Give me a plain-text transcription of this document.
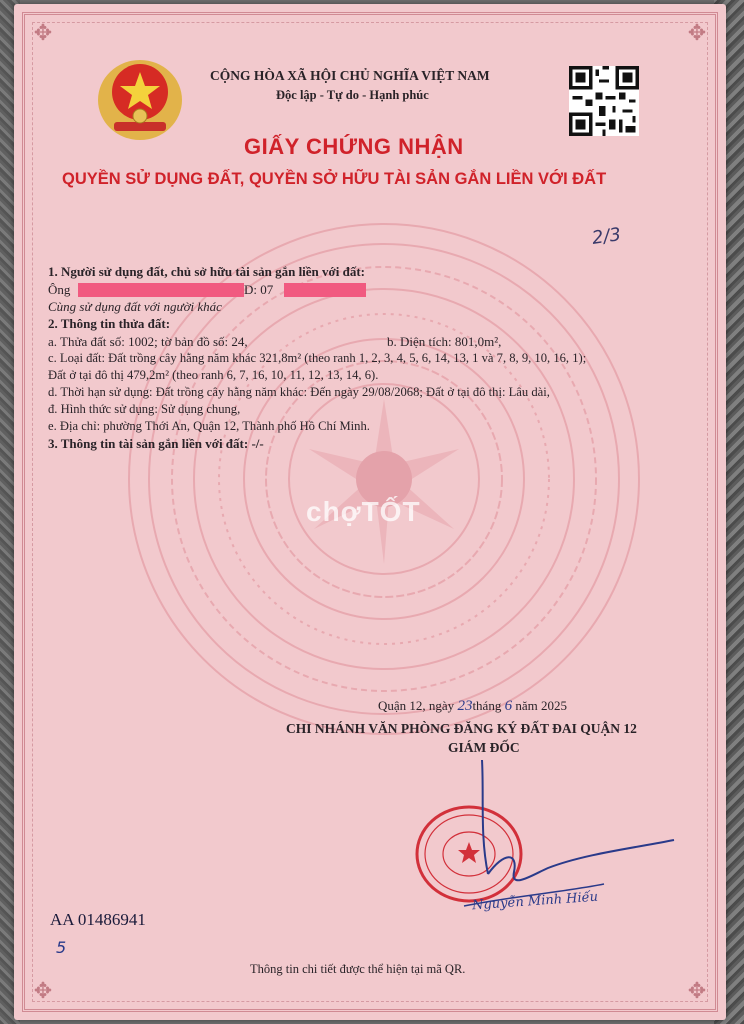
✥	✥
✥	✥
CỘNG HÒA XÃ HỘI CHỦ NGHĨA VIỆT NAM
Độc lập - Tự do - Hạnh phúc
GIẤY CHỨNG NHẬN
QUYỀN SỬ DỤNG ĐẤT, QUYỀN SỞ HỮU TÀI SẢN GẮN LIỀN VỚI ĐẤT
2/3
1. Người sử dụng đất, chủ sở hữu tài sản gắn liền với đất:
Ông	D: 07
Cùng sử dụng đất với người khác
2. Thông tin thửa đất:
a. Thửa đất số: 1002; tờ bản đồ số: 24,	b. Diện tích: 801,0m²,
c. Loại đất: Đất trồng cây hằng năm khác 321,8m² (theo ranh 1, 2, 3, 4, 5, 6, 14, 13, 1 và 7, 8, 9, 10, 16, 1);
Đất ở tại đô thị 479,2m² (theo ranh 6, 7, 16, 10, 11, 12, 13, 14, 6).
d. Thời hạn sử dụng: Đất trồng cây hằng năm khác: Đến ngày 29/08/2068; Đất ở tại đô thị: Lâu dài,
đ. Hình thức sử dụng: Sử dụng chung,
e. Địa chỉ: phường Thới An, Quận 12, Thành phố Hồ Chí Minh.
3. Thông tin tài sản gắn liền với đất: -/-
chợTỐT
Quận 12, ngày 23tháng 6 năm 2025
CHI NHÁNH VĂN PHÒNG ĐĂNG KÝ ĐẤT ĐAI QUẬN 12
GIÁM ĐỐC
Nguyễn Minh Hiếu
AA 01486941
5
Thông tin chi tiết được thể hiện tại mã QR.
